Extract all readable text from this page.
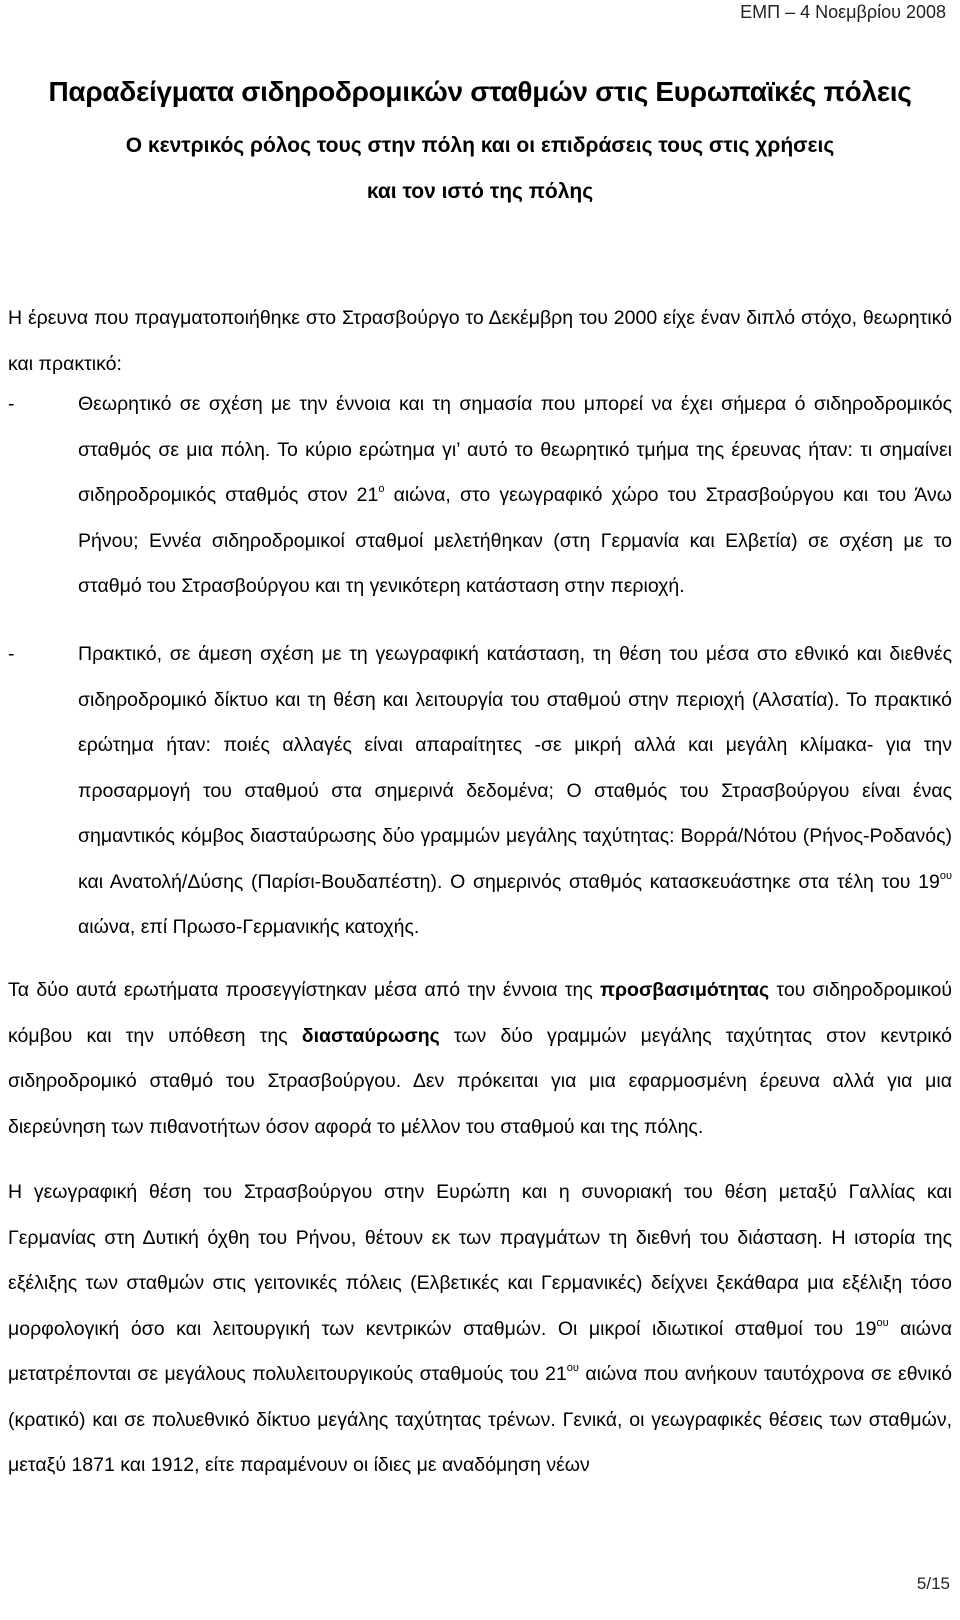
ΕΜΠ – 4 Νοεμβρίου 2008
Παραδείγματα σιδηροδρομικών σταθμών στις Ευρωπαϊκές πόλεις
Ο κεντρικός ρόλος τους στην πόλη και οι επιδράσεις τους στις χρήσεις
και τον ιστό της πόλης

Η έρευνα που πραγματοποιήθηκε στο Στρασβούργο το Δεκέμβρη του 2000 είχε έναν διπλό στόχο, θεωρητικό και πρακτικό:

-	Θεωρητικό σε σχέση με την έννοια και τη σημασία που μπορεί να έχει σήμερα ό σιδηροδρομικός σταθμός σε μια πόλη. Το κύριο ερώτημα γι’ αυτό το θεωρητικό τμήμα της έρευνας ήταν: τι σημαίνει σιδηροδρομικός σταθμός στον $21^o$ αιώνα, στο γεωγραφικό χώρο του Στρασβούργου και του Άνω Ρήνου; Εννέα σιδηροδρομικοί σταθμοί μελετήθηκαν (στη Γερμανία και Ελβετία) σε σχέση με το σταθμό του Στρασβούργου και τη γενικότερη κατάσταση στην περιοχή.
-	Πρακτικό, σε άμεση σχέση με τη γεωγραφική κατάσταση, τη θέση του μέσα στο εθνικό και διεθνές σιδηροδρομικό δίκτυο και τη θέση και λειτουργία του σταθμού στην περιοχή (Αλσατία). Το πρακτικό ερώτημα ήταν: ποιές αλλαγές είναι απαραίτητες -σε μικρή αλλά και μεγάλη κλίμακα- για την προσαρμογή του σταθμού στα σημερινά δεδομένα; Ο σταθμός του Στρασβούργου είναι ένας σημαντικός κόμβος διασταύρωσης δύο γραμμών μεγάλης ταχύτητας: Βορρά/Νότου (Ρήνος-Ροδανός) και Ανατολή/Δύσης (Παρίσι-Βουδαπέστη). Ο σημερινός σταθμός κατασκευάστηκε στα τέλη του $19^{o\upsilon}$ αιώνα, επί Πρωσο-Γερμανικής κατοχής.

Τα δύο αυτά ερωτήματα προσεγγίστηκαν μέσα από την έννοια της προσβασιμότητας του σιδηροδρομικού κόμβου και την υπόθεση της διασταύρωσης των δύο γραμμών μεγάλης ταχύτητας στον κεντρικό σιδηροδρομικό σταθμό του Στρασβούργου. Δεν πρόκειται για μια εφαρμοσμένη έρευνα αλλά για μια διερεύνηση των πιθανοτήτων όσον αφορά το μέλλον του σταθμού και της πόλης.

Η γεωγραφική θέση του Στρασβούργου στην Ευρώπη και η συνοριακή του θέση μεταξύ Γαλλίας και Γερμανίας στη Δυτική όχθη του Ρήνου, θέτουν εκ των πραγμάτων τη διεθνή του διάσταση. Η ιστορία της εξέλιξης των σταθμών στις γειτονικές πόλεις (Ελβετικές και Γερμανικές) δείχνει ξεκάθαρα μια εξέλιξη τόσο μορφολογική όσο και λειτουργική των κεντρικών σταθμών. Οι μικροί ιδιωτικοί σταθμοί του $19^{o\upsilon}$ αιώνα μετατρέπονται σε μεγάλους πολυλειτουργικούς σταθμούς του $21^{o\upsilon}$ αιώνα που ανήκουν ταυτόχρονα σε εθνικό (κρατικό) και σε πολυεθνικό δίκτυο μεγάλης ταχύτητας τρένων. Γενικά, οι γεωγραφικές θέσεις των σταθμών, μεταξύ 1871 και 1912, είτε παραμένουν οι ίδιες με αναδόμηση νέων

5/15
